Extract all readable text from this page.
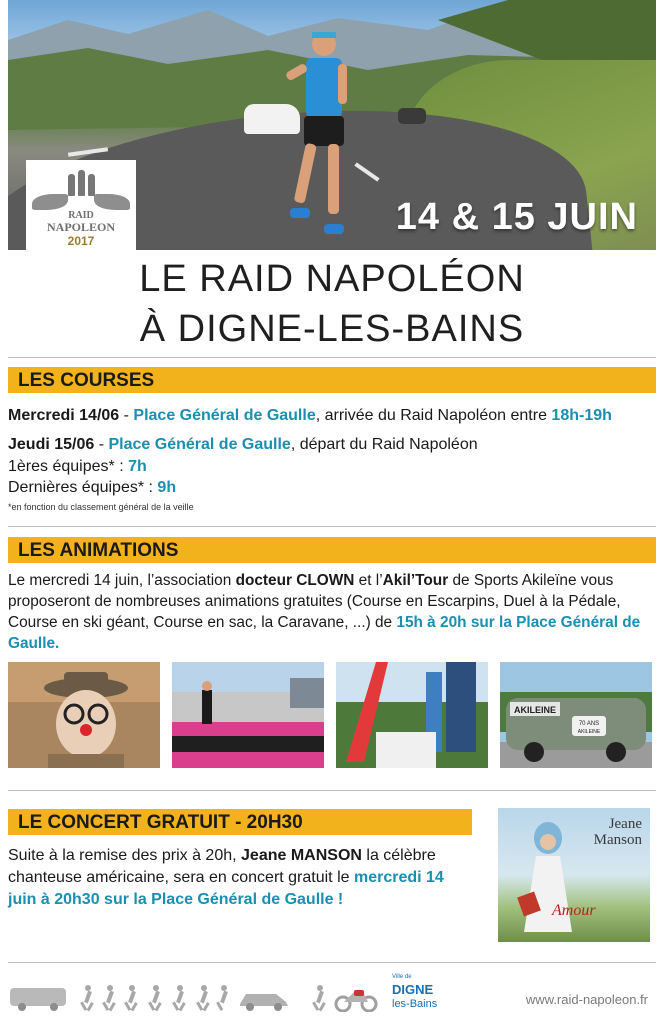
RAID
NAPOLEON
2017
14 & 15 JUIN
LE RAID NAPOLÉON
À DIGNE-LES-BAINS
LES COURSES
Mercredi 14/06 - Place Général de Gaulle, arrivée du Raid Napoléon entre 18h-19h
Jeudi 15/06 - Place Général de Gaulle, départ du Raid Napoléon
1ères équipes* : 7h
Dernières équipes* : 9h
*en fonction du classement général de la veille
LES ANIMATIONS
Le mercredi 14 juin, l’association docteur CLOWN et l’Akil’Tour de Sports Akileïne vous proposeront de nombreuses animations gratuites (Course en Escarpins, Duel à la Pédale, Course en ski géant, Course en sac, la Caravane, ...) de 15h à 20h sur la Place Général de Gaulle.
AKILEINE
70 ANS
AKILEINE
LE CONCERT GRATUIT - 20H30
Suite à la remise des prix à 20h, Jeane MANSON la célèbre chanteuse américaine, sera en concert gratuit le mercredi 14 juin à 20h30 sur la Place Général de Gaulle !
Jeane
Manson
Amour
Ville de
DIGNE
les-Bains	www.raid-napoleon.fr
